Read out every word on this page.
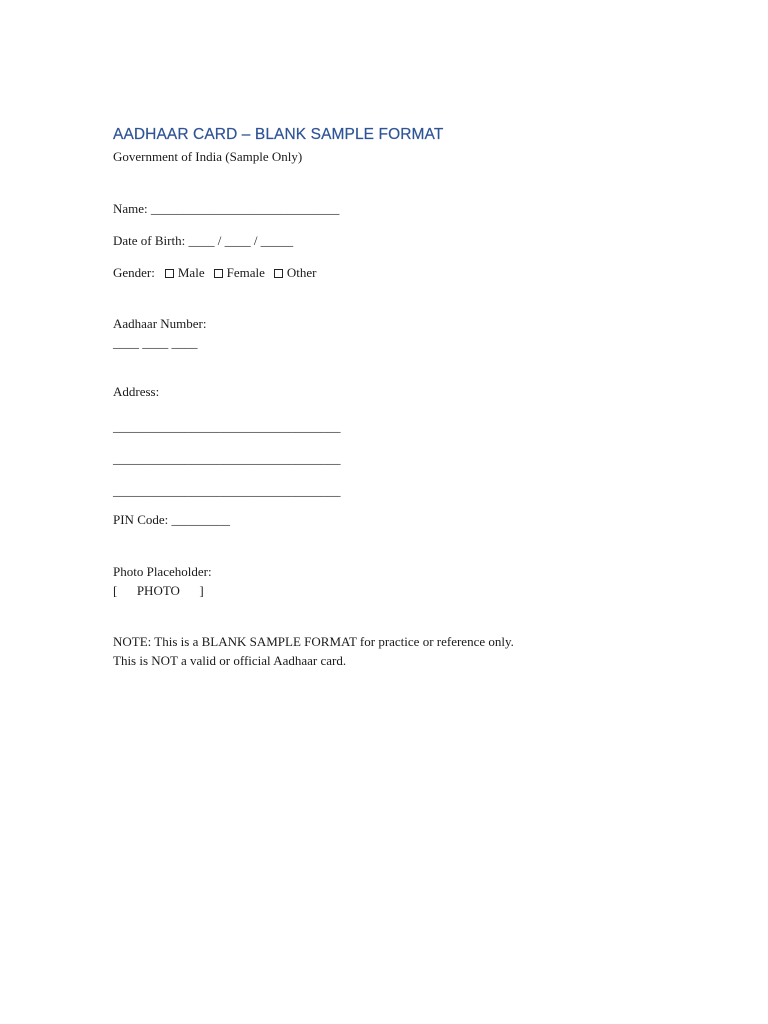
AADHAAR CARD – BLANK SAMPLE FORMAT
Government of India (Sample Only)
Name: _____________________________
Date of Birth: ____ / ____ / _____
Gender: Male Female Other
Aadhaar Number:
____ ____ ____
Address:
___________________________________
___________________________________
___________________________________
PIN Code: _________
Photo Placeholder:
[      PHOTO      ]
NOTE: This is a BLANK SAMPLE FORMAT for practice or reference only.
This is NOT a valid or official Aadhaar card.
